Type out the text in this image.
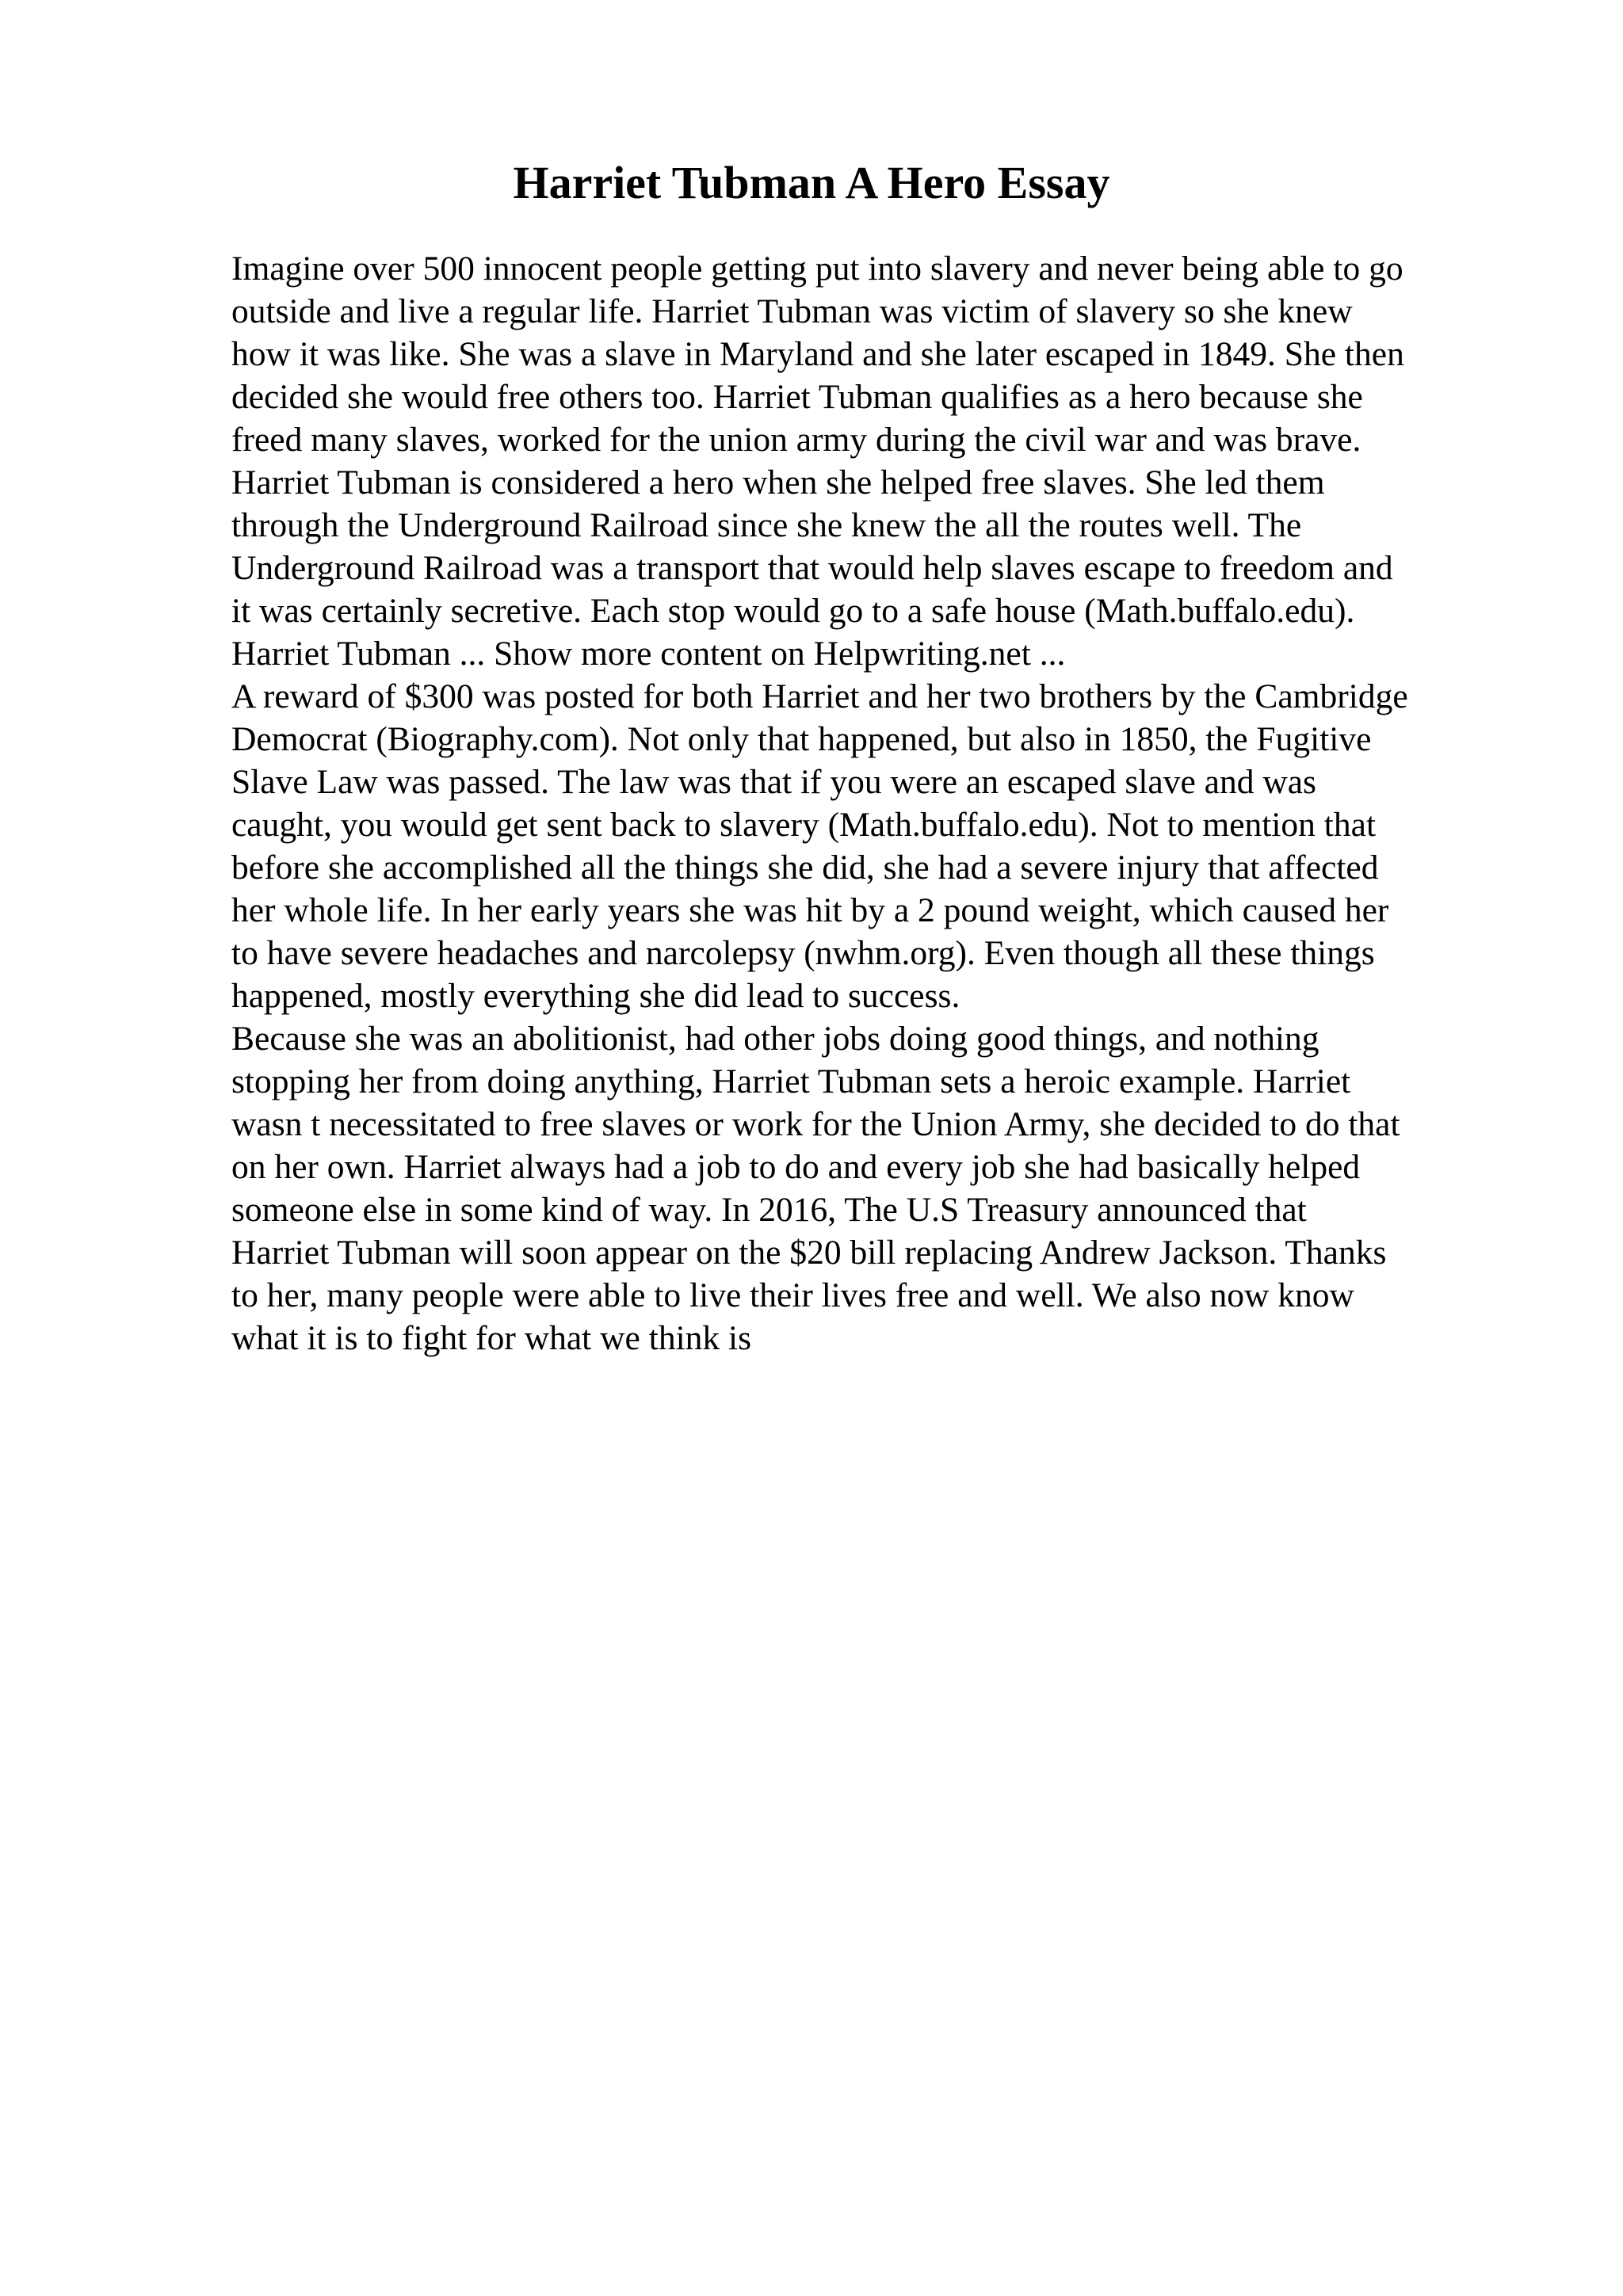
Harriet Tubman A Hero Essay
Imagine over 500 innocent people getting put into slavery and never being able to go
outside and live a regular life. Harriet Tubman was victim of slavery so she knew
how it was like. She was a slave in Maryland and she later escaped in 1849. She then
decided she would free others too. Harriet Tubman qualifies as a hero because she
freed many slaves, worked for the union army during the civil war and was brave.
Harriet Tubman is considered a hero when she helped free slaves. She led them
through the Underground Railroad since she knew the all the routes well. The
Underground Railroad was a transport that would help slaves escape to freedom and
it was certainly secretive. Each stop would go to a safe house (Math.buffalo.edu).
Harriet Tubman ... Show more content on Helpwriting.net ...
A reward of $300 was posted for both Harriet and her two brothers by the Cambridge
Democrat (Biography.com). Not only that happened, but also in 1850, the Fugitive
Slave Law was passed. The law was that if you were an escaped slave and was
caught, you would get sent back to slavery (Math.buffalo.edu). Not to mention that
before she accomplished all the things she did, she had a severe injury that affected
her whole life. In her early years she was hit by a 2 pound weight, which caused her
to have severe headaches and narcolepsy (nwhm.org). Even though all these things
happened, mostly everything she did lead to success.
Because she was an abolitionist, had other jobs doing good things, and nothing
stopping her from doing anything, Harriet Tubman sets a heroic example. Harriet
wasn t necessitated to free slaves or work for the Union Army, she decided to do that
on her own. Harriet always had a job to do and every job she had basically helped
someone else in some kind of way. In 2016, The U.S Treasury announced that
Harriet Tubman will soon appear on the $20 bill replacing Andrew Jackson. Thanks
to her, many people were able to live their lives free and well. We also now know
what it is to fight for what we think is
